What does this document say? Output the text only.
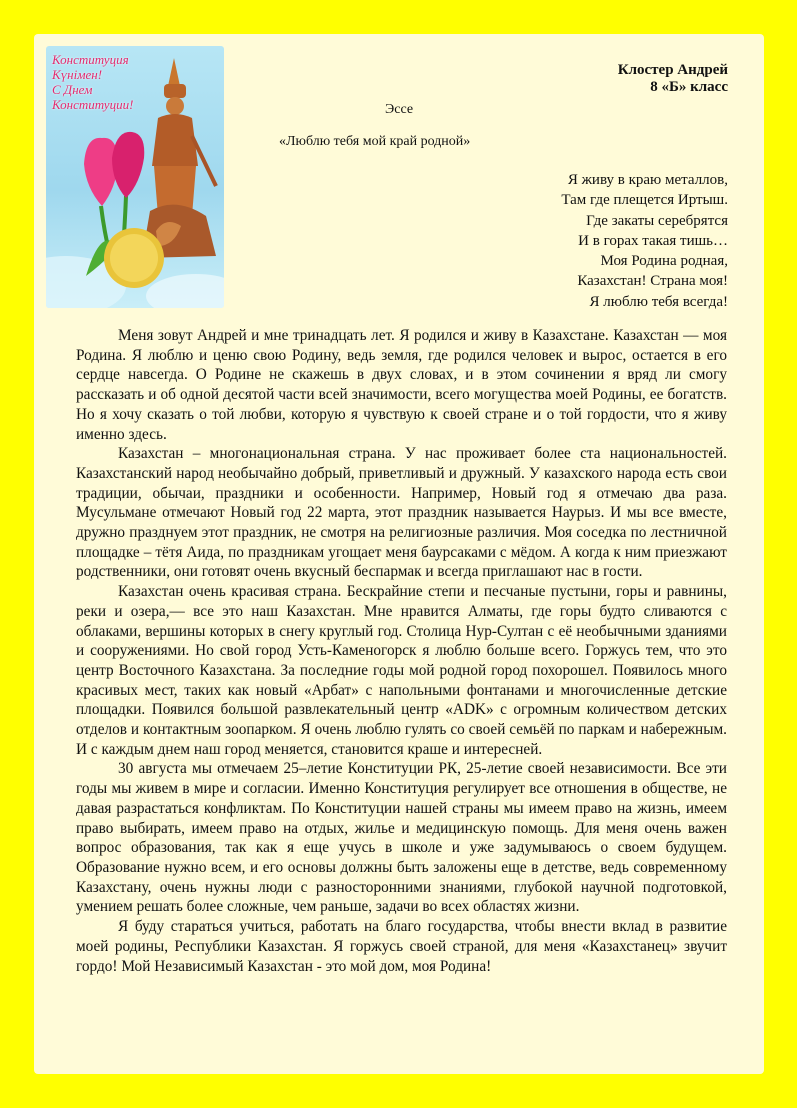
Конституция
Күнімен!
С Днем
Конституции!
Клостер Андрей
8 «Б» класс
Эссе
«Люблю тебя мой край родной»
Я живу в краю металлов,
Там где плещется Иртыш.
Где закаты серебрятся
И в горах такая тишь…
Моя Родина родная,
Казахстан! Страна моя!
Я люблю тебя всегда!

Меня зовут Андрей и мне тринадцать лет. Я родился и живу в Казахстане. Казахстан — моя Родина. Я люблю и ценю свою Родину, ведь земля, где родился человек и вырос, остается в его сердце навсегда. О Родине не скажешь в двух словах, и в этом сочинении я вряд ли смогу рассказать и об одной десятой части всей значимости, всего могущества моей Родины, ее богатств. Но я хочу сказать о той любви, которую я чувствую к своей стране и о той гордости, что я живу именно здесь.

Казахстан – многонациональная страна. У нас проживает более ста национальностей. Казахстанский народ необычайно добрый, приветливый и дружный. У казахского народа есть свои традиции, обычаи, праздники и особенности. Например, Новый год я отмечаю два раза. Мусульмане отмечают Новый год 22 марта, этот праздник называется Наурыз. И мы все вместе, дружно празднуем этот праздник, не смотря на религиозные различия. Моя соседка по лестничной площадке – тётя Аида, по праздникам угощает меня баурсаками с мёдом. А когда к ним приезжают родственники, они готовят очень вкусный беспармак и всегда приглашают нас в гости.

Казахстан очень красивая страна. Бескрайние степи и песчаные пустыни, горы и равнины, реки и озера,— все это наш Казахстан. Мне нравится Алматы, где горы будто сливаются с облаками, вершины которых в снегу круглый год. Столица Нур-Султан с её необычными зданиями и сооружениями. Но свой город Усть-Каменогорск я люблю больше всего. Горжусь тем, что это центр Восточного Казахстана. За последние годы мой родной город похорошел. Появилось много красивых мест, таких как новый «Арбат» с напольными фонтанами и многочисленные детские площадки. Появился большой развлекательный центр «ADK» с огромным количеством детских отделов и контактным зоопарком. Я очень люблю гулять со своей семьёй по паркам и набережным. И с каждым днем наш город меняется, становится краше и интересней.

30 августа мы отмечаем 25–летие Конституции РК, 25-летие своей независимости. Все эти годы мы живем в мире и согласии. Именно Конституция регулирует все отношения в обществе, не давая разрастаться конфликтам. По Конституции нашей страны мы имеем право на жизнь, имеем право выбирать, имеем право на отдых, жилье и медицинскую помощь. Для меня очень важен вопрос образования, так как я еще учусь в школе и уже задумываюсь о своем будущем. Образование нужно всем, и его основы должны быть заложены еще в детстве, ведь современному Казахстану, очень нужны люди с разносторонними знаниями, глубокой научной подготовкой, умением решать более сложные, чем раньше, задачи во всех областях жизни.

Я буду стараться учиться, работать на благо государства, чтобы внести вклад в развитие моей родины, Республики Казахстан. Я горжусь своей страной, для меня «Казахстанец» звучит гордо! Мой Независимый Казахстан - это мой дом, моя Родина!
